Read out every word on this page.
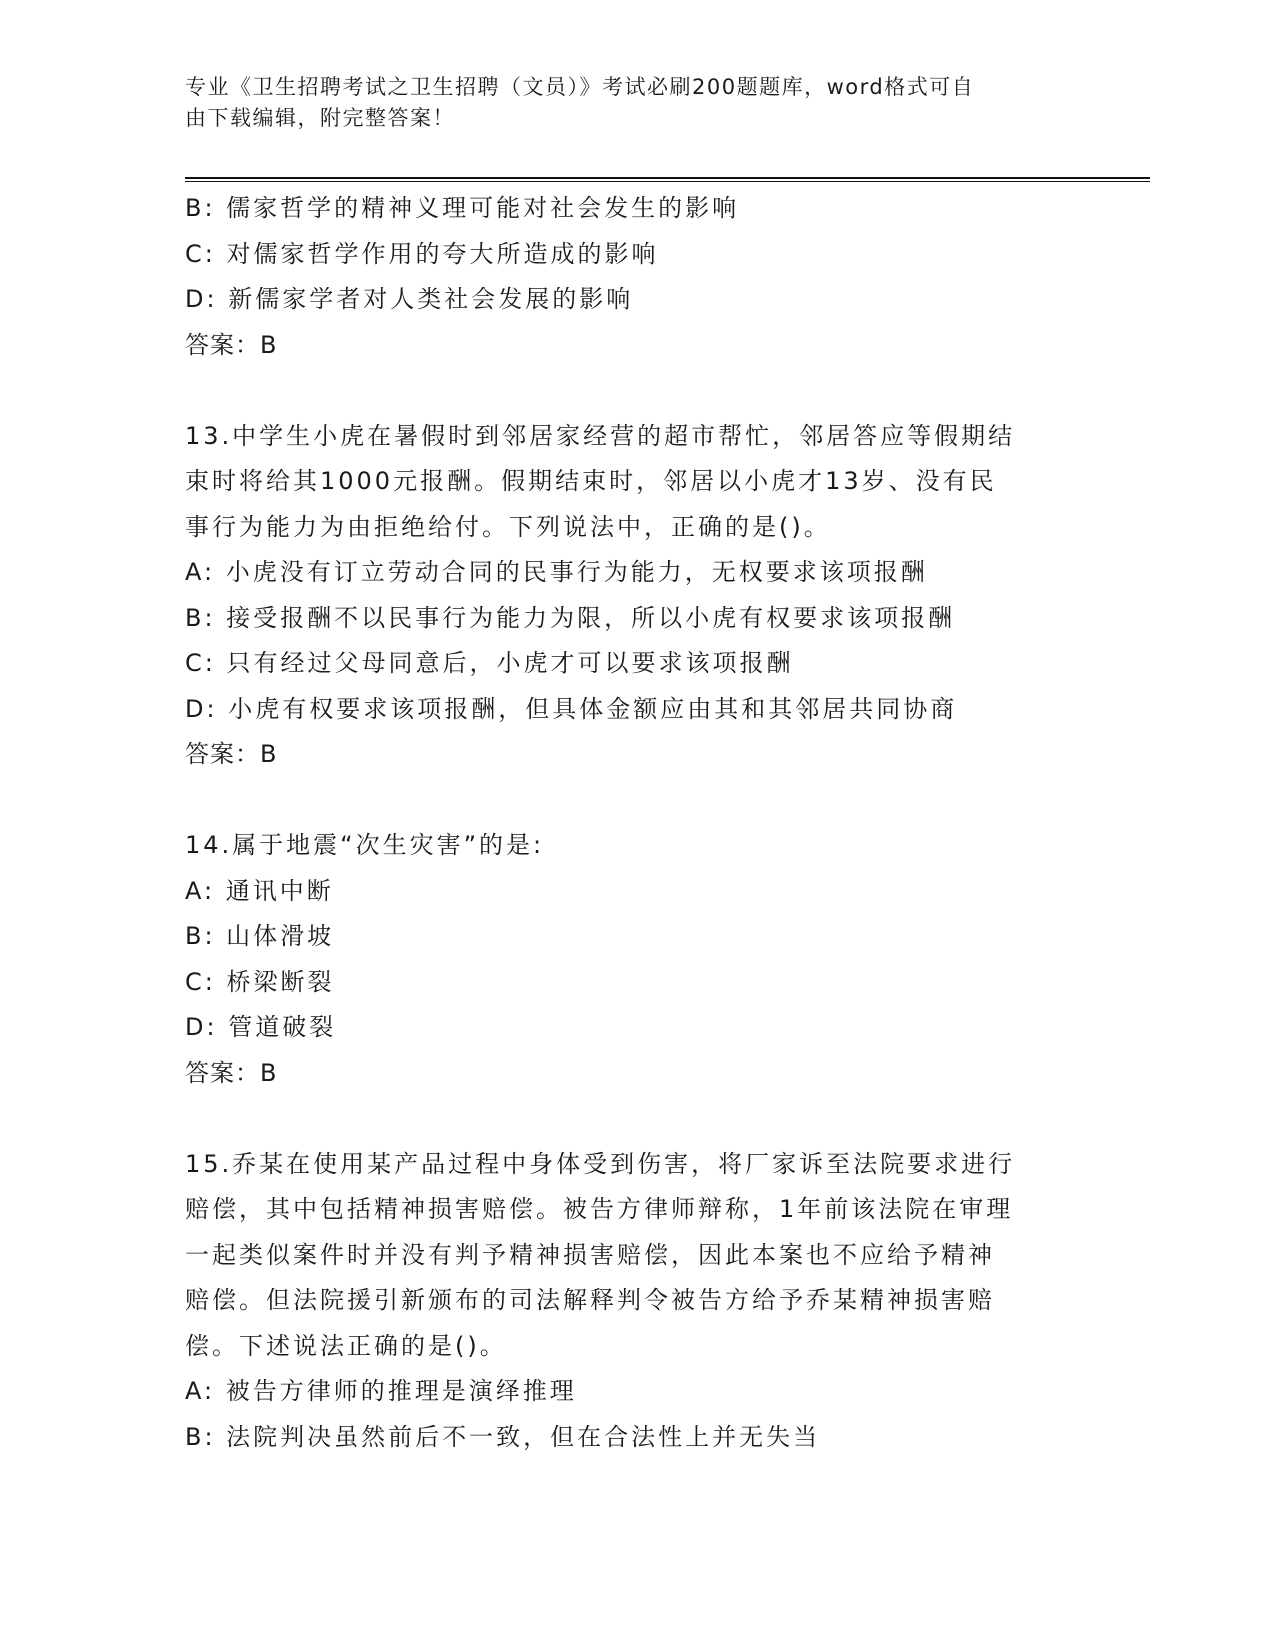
专业《卫生招聘考试之卫生招聘（文员）》考试必刷200题题库，word格式可自
由下载编辑，附完整答案！

B: 儒家哲学的精神义理可能对社会发生的影响

C: 对儒家哲学作用的夸大所造成的影响

D: 新儒家学者对人类社会发展的影响

答案：B

13.中学生小虎在暑假时到邻居家经营的超市帮忙，邻居答应等假期结

束时将给其1000元报酬。假期结束时，邻居以小虎才13岁、没有民

事行为能力为由拒绝给付。下列说法中，正确的是()。

A: 小虎没有订立劳动合同的民事行为能力，无权要求该项报酬

B: 接受报酬不以民事行为能力为限，所以小虎有权要求该项报酬

C: 只有经过父母同意后，小虎才可以要求该项报酬

D: 小虎有权要求该项报酬，但具体金额应由其和其邻居共同协商

答案：B

14.属于地震“次生灾害”的是:

A: 通讯中断

B: 山体滑坡

C: 桥梁断裂

D: 管道破裂

答案：B

15.乔某在使用某产品过程中身体受到伤害，将厂家诉至法院要求进行

赔偿，其中包括精神损害赔偿。被告方律师辩称，1年前该法院在审理

一起类似案件时并没有判予精神损害赔偿，因此本案也不应给予精神

赔偿。但法院援引新颁布的司法解释判令被告方给予乔某精神损害赔

偿。下述说法正确的是()。

A: 被告方律师的推理是演绎推理

B: 法院判决虽然前后不一致，但在合法性上并无失当
